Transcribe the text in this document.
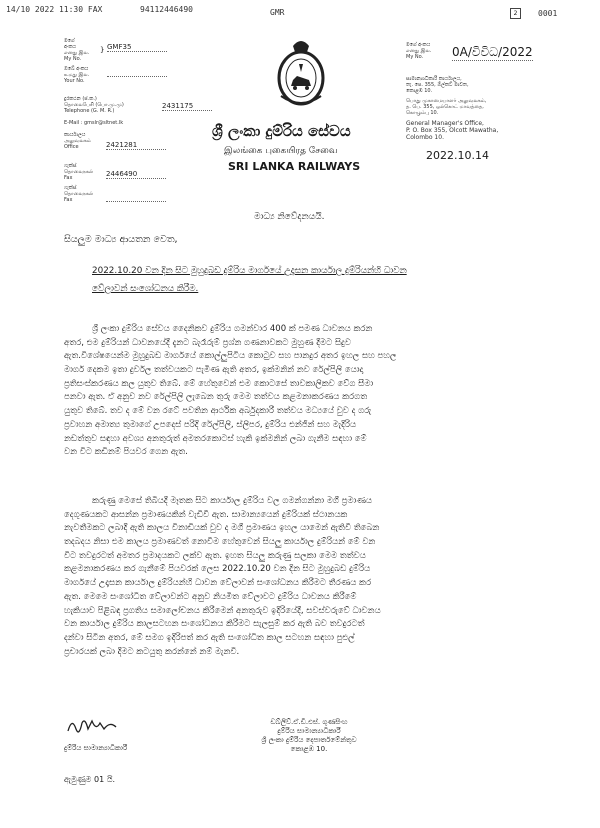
14/10 2022 11:30 FAX	94112446490	GMR	2	0001
මගේ
අංකය
எனது இல.
My No.
} GMF35
ඔබේ අංකය
உமது இல.
Your No.
දුරකථන (ජ.ක.)
தொலைபேசி (பொ.மு.மு)
Telephone (G. M. R.)
2431175
E-Mail : gmslr@sltnet.lk
කාර්යාලය
அலுவலகம்
Office	2421281
ෆැක්ස්
தொலைநகல்
Fax	2446490
ෆැක්ස්
தொலைநகல்
Fax
ශ්‍රී ලංකා දුම්රිය සේවය
இலங்கை புகையிரத சேவை
SRI LANKA RAILWAYS
මගේ අංකය
எனது இல.
My No.	0A/විවිධ/2022
සාමාන්‍යාධිකාරී කාර්යාලය,
තැ. පෙ. 355, ඕල්කට් මාවත,
කොළඹ 10.
பொது முகாமையாளர் அலுவலகம்,
த. பெ. 355, ஒல்கொட் மாவத்தை,
கொழும்பு 10.
General Manager's Office,
P. O. Box 355, Olcott Mawatha,
Colombo 10.
2022.10.14
මාධ්‍ය නිවේදනයයි.
සියලුම මාධ්‍ය ආයතන වෙත,
2022.10.20 වන දින සිට මුහුදුබඩ දුම්රිය මාර්ගයේ උදෑසන කාර්යාල දුම්රියන්හි ධාවන
වේලාවන් සංශෝධනය කිරීම.
ශ්‍රී ලංකා දුම්රිය සේවය දෛනිකව දුම්රිය ගමන්වාර 400 ක් පමණ ධාවනය කරන
අතර, එම දුම්රියන් ධාවනයේදී දැනට බැරෑරුම් ප්‍රශ්න ගණනාවකට මුහුණ දීමට සිදුව
ඇත.විශේෂයෙන්ම මුහුදුබඩ මාර්ගයේ කොල්ලුපිටිය කොටුව සහ පානදුර අතර ඉහල සහ පහල
මාර්ග දෙකම ඉතා දුර්වල තත්වයකට පැමිණ ඇති අතර, ඉක්මනින් නව රේල්පිලි යොදා
ප්‍රතිසංස්කරණය කල යුතුව තිබේ. මේ හේතුවෙන් එම කොටසේ තාවකාලිකව වේග සීමා
පනවා ඇත. ඒ අනුව නව රේල්පිලි ලැබෙන තුරු මෙම තත්වය කළමනාකරණය කරගත
යුතුව තිබේ. තව ද මේ වන රටේ පවතින ආර්ථික අර්බුදකාරී තත්වය මධ්‍යයේ වුව ද ගරු
ප්‍රවාහන අමාත්‍ය තුමාගේ උපදෙස් පරිදි රේල්පිලි, ස්ලිපර, දුම්රිය එන්ජින් සහ මැදිරිය
නඩත්තුව සඳහා අවශ්‍ය අනතුරුත් අමතරකොටස් හැකි ඉක්මනින් ලබා ගැනීම සඳහා මේ
වන විට කඩිනම් පියවර ගෙන ඇත.
කරුණු මෙසේ තිබියදී මෑතක සිට කාර්යාල දුම්රිය වල ගමන්ගන්නා මගී ප්‍රමාණය
දෙගුණයකට ආසන්න ප්‍රමාණයකින් වැඩිවී ඇත. සාමාන්‍යයෙන් දුම්රියක් ස්ථානයක
නැවතීමකට ලබාදී ඇති කාලය විනාඩියක් වුව ද මගී ප්‍රමාණය ඉහල යාමෙන් ඇතිවී තිබෙන
තදබදය නිසා එම කාලය ප්‍රමාණවත් නොවීම හේතුවෙන් සියලු කාර්යාල දුම්රියන් මේ වන
විට තවදුරටත් අමතර ප්‍රමාදයකට ලක්ව ඇත. ඉහත සියලු කරුණු සලකා මෙම තත්වය
කළමනාකරණය කර ගැනීමේ පියවරක් ලෙස 2022.10.20 වන දින සිට මුහුදුබඩ දුම්රිය
මාර්ගයේ උදෑසන කාර්යාල දුම්රියන්හි ධාවන වේලාවන් සංශෝධනය කිරීමට තීරණය කර
ඇත. මෙමෙ සංශෝධිත වේලාවන්ට අනුව නියමිත වේලාවට දුම්රිය ධාවනය කිරීමේ
හැකියාව පිළිබඳ ප්‍රගතිය සමාලෝචනය කිරීමෙන් අනතුරුව ඉදිරියේදී, සවස්වරුවේ ධාවනය
වන කාර්යාල දුම්රිය කාලසටහන සංශෝධනය කිරීමට සැලසුම් කර ඇති බව තවදුරටත්
දන්වා සිටින අතර, මේ සමග ඉදිරිපත් කර ඇති සංශෝධිත කාල සටහන සඳහා පුළුල්
ප්‍රචාරයක් ලබා දීමට කටයුතු කරන්නේ නම් මැනවි.
දුම්රිය සාමාන්‍යාධිකාරී
ඩබ්ලිව්.ඒ.ඩී.එස්. ගුණසිංහ
දුම්රිය සාමාන්‍යාධිකාරී
ශ්‍රී ලංකා දුම්රිය දෙපාර්තමේන්තුව
කොළඹ 10.
ඇමුණුම 01 යි.
